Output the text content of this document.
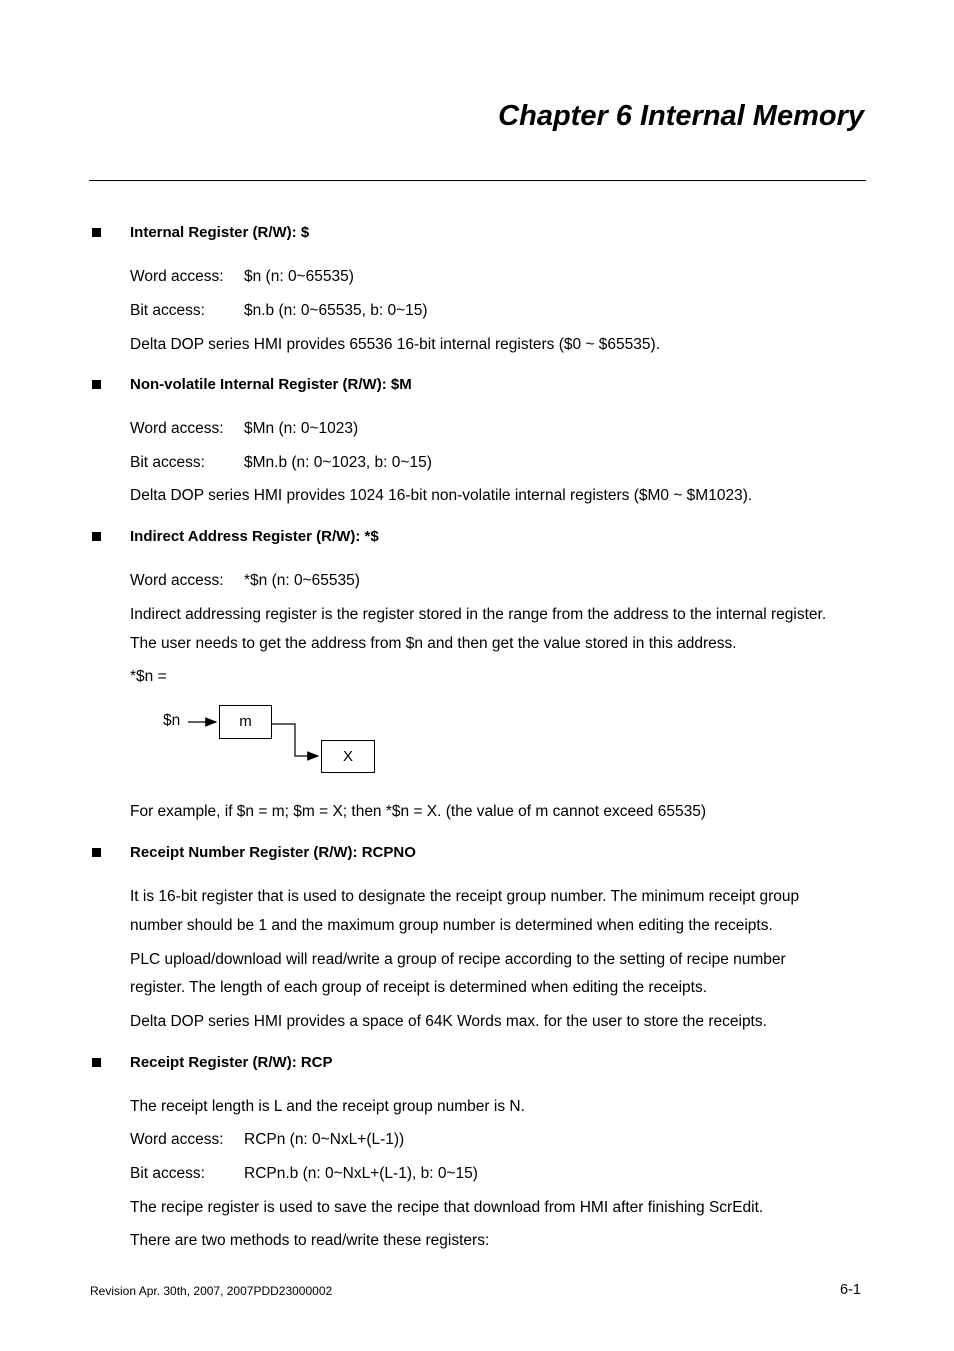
Chapter 6 Internal Memory
Internal Register (R/W): $
Word access: $n (n: 0~65535)
Bit access:	$n.b (n: 0~65535, b: 0~15)
Delta DOP series HMI provides 65536 16-bit internal registers ($0 ~ $65535).
Non-volatile Internal Register (R/W): $M
Word access: $Mn (n: 0~1023)
Bit access:	$Mn.b (n: 0~1023, b: 0~15)
Delta DOP series HMI provides 1024 16-bit non-volatile internal registers ($M0 ~ $M1023).
Indirect Address Register (R/W): *$
Word access: *$n (n: 0~65535)
Indirect addressing register is the register stored in the range from the address to the internal register.
The user needs to get the address from $n and then get the value stored in this address.
*$n =
$n	m
X
For example, if $n = m; $m = X; then *$n = X. (the value of m cannot exceed 65535)
Receipt Number Register (R/W): RCPNO
It is 16-bit register that is used to designate the receipt group number. The minimum receipt group
number should be 1 and the maximum group number is determined when editing the receipts.
PLC upload/download will read/write a group of recipe according to the setting of recipe number
register. The length of each group of receipt is determined when editing the receipts.
Delta DOP series HMI provides a space of 64K Words max. for the user to store the receipts.
Receipt Register (R/W): RCP
The receipt length is L and the receipt group number is N.
Word access: RCPn (n: 0~NxL+(L-1))
Bit access:	RCPn.b (n: 0~NxL+(L-1), b: 0~15)
The recipe register is used to save the recipe that download from HMI after finishing ScrEdit.
There are two methods to read/write these registers:
Revision Apr. 30th, 2007, 2007PDD23000002	6-1
